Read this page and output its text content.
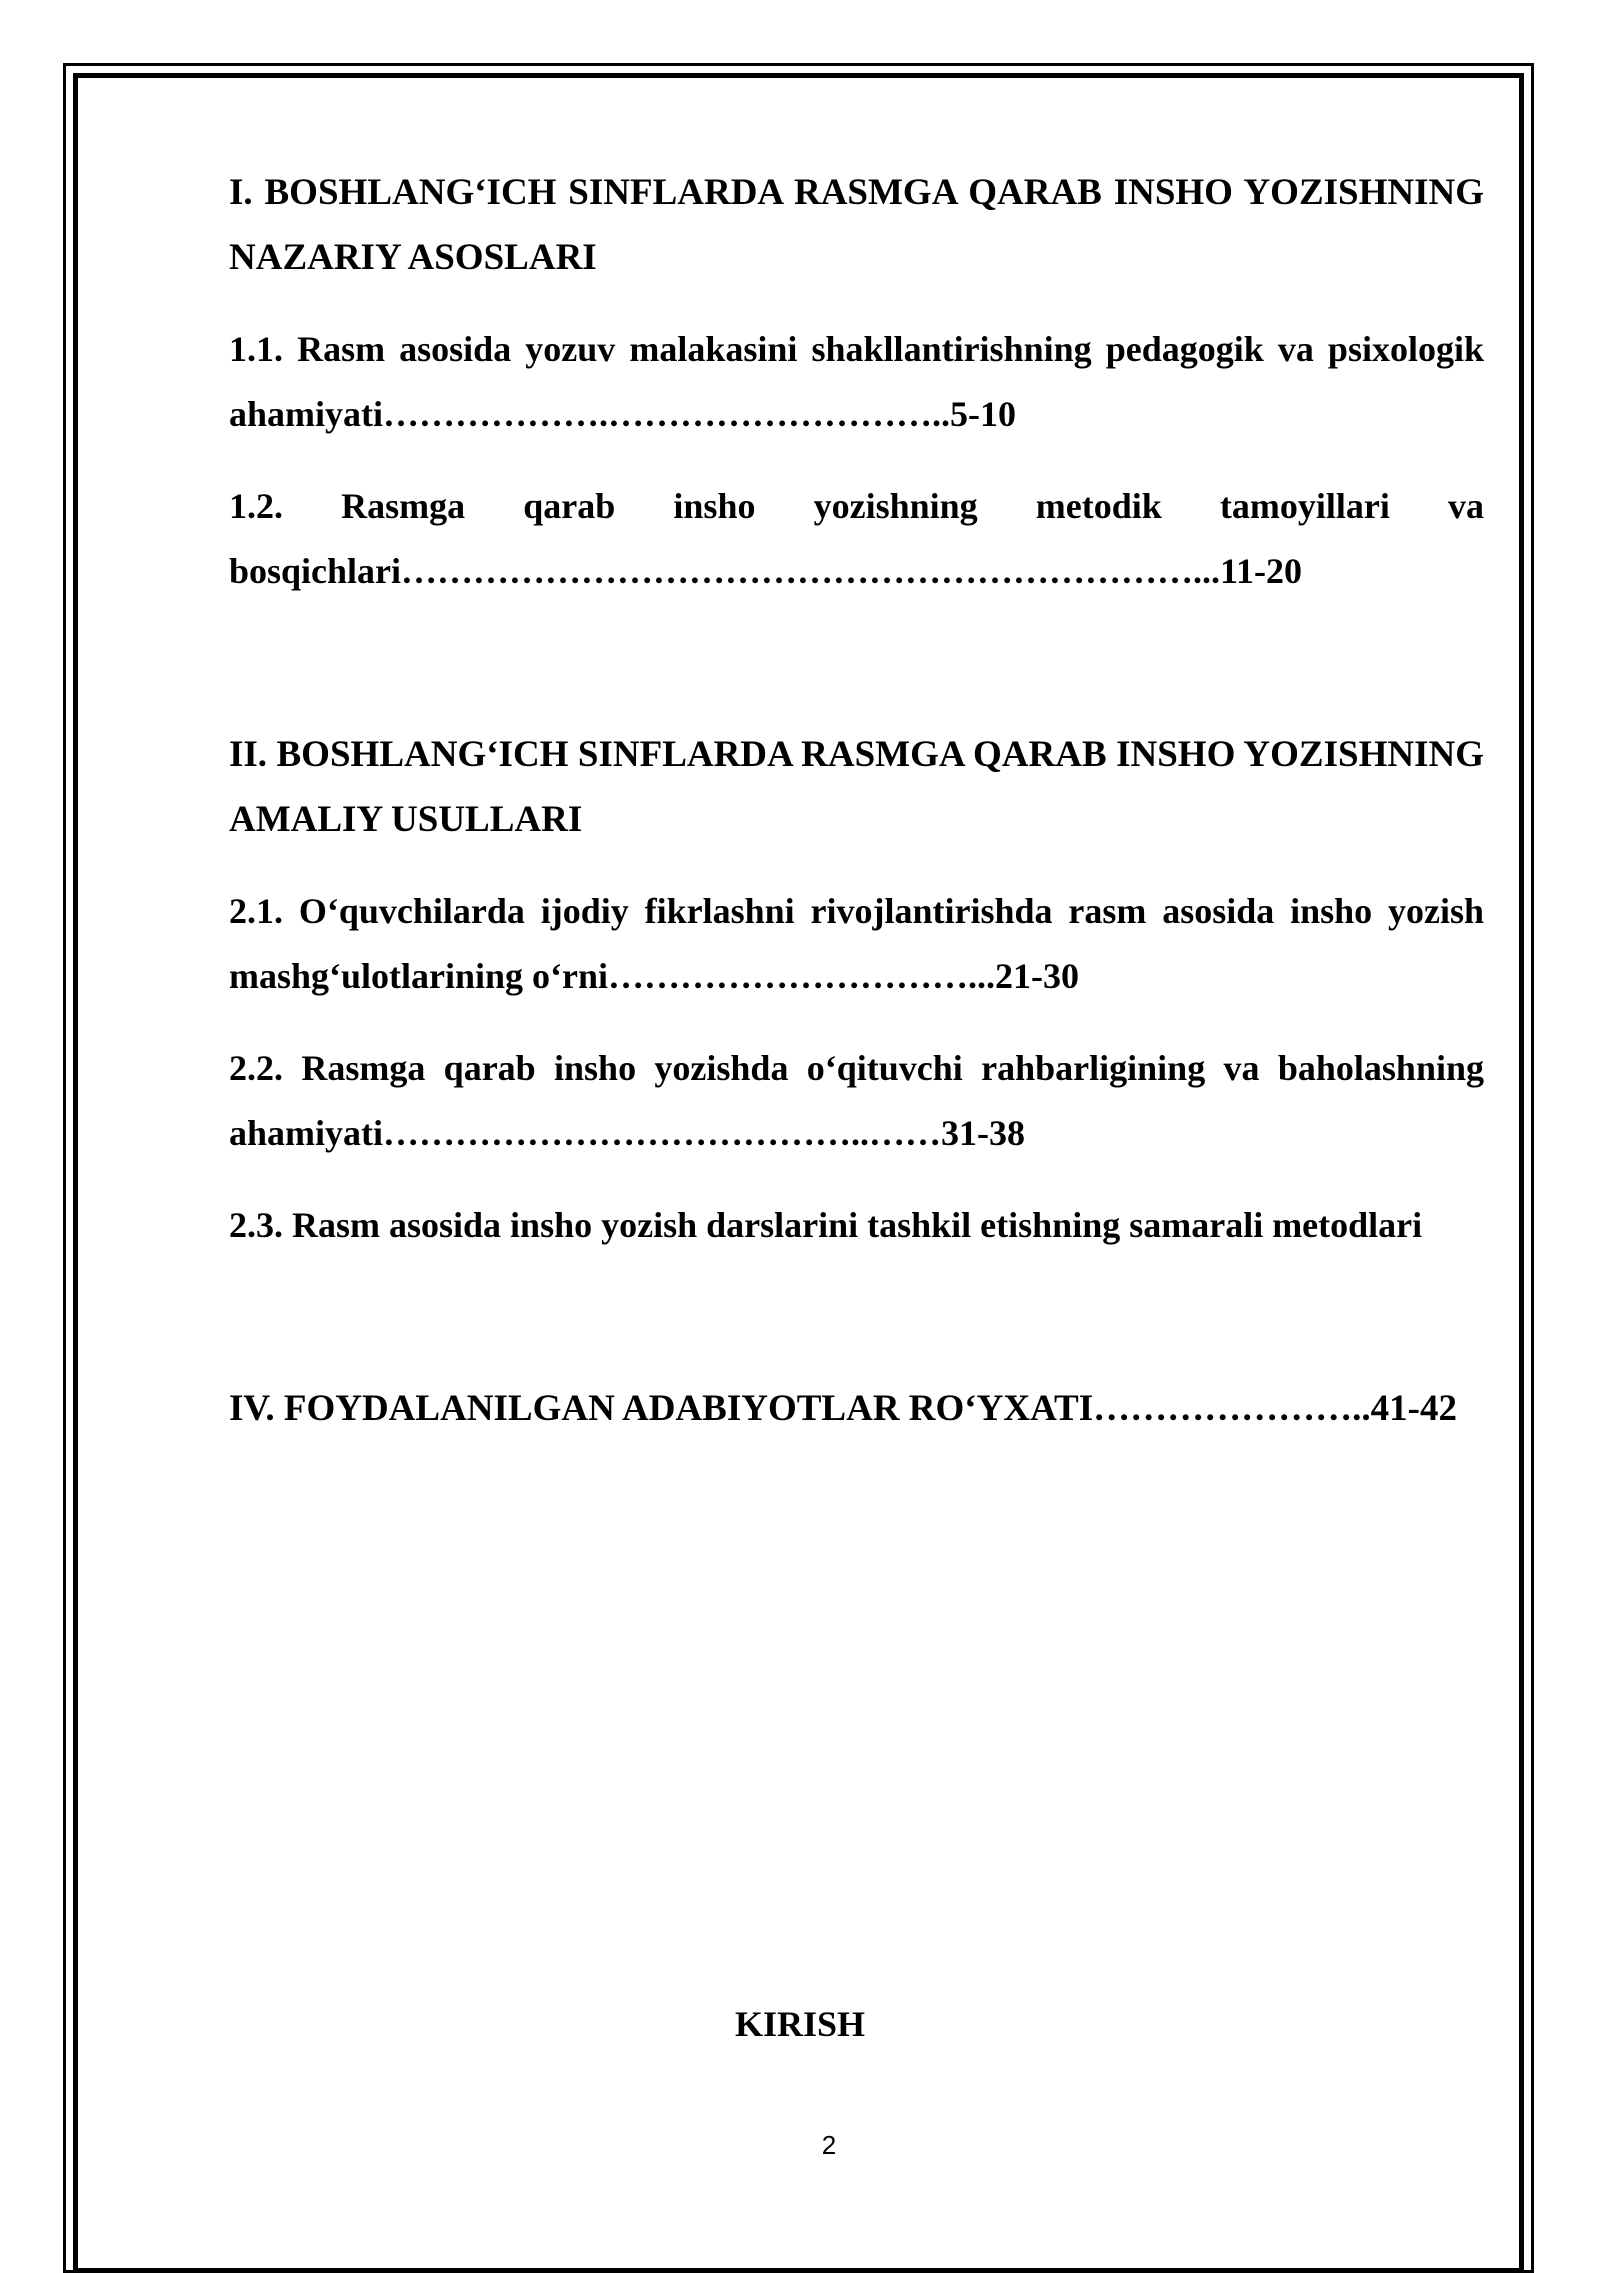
I. BOSHLANG‘ICH SINFLARDA RASMGA QARAB INSHO YOZISHNING NAZARIY ASOSLARI

1.1. Rasm asosida yozuv malakasini shakllantirishning pedagogik va psixologik ahamiyati……………….………………………..5-10

1.2. Rasmga qarab insho yozishning metodik tamoyillari va bosqichlari…………………………………………………………...11-20

II. BOSHLANG‘ICH SINFLARDA RASMGA QARAB INSHO YOZISHNING AMALIY USULLARI

2.1. O‘quvchilarda ijodiy fikrlashni rivojlantirishda rasm asosida insho yozish mashg‘ulotlarining o‘rni…………………………...21-30

2.2. Rasmga qarab insho yozishda o‘qituvchi rahbarligining va baholashning ahamiyati…………………………………..……31-38

2.3. Rasm asosida insho yozish darslarini tashkil etishning samarali metodlari

IV. FOYDALANILGAN ADABIYOTLAR RO‘YXATI…………………..41-42

KIRISH
2
